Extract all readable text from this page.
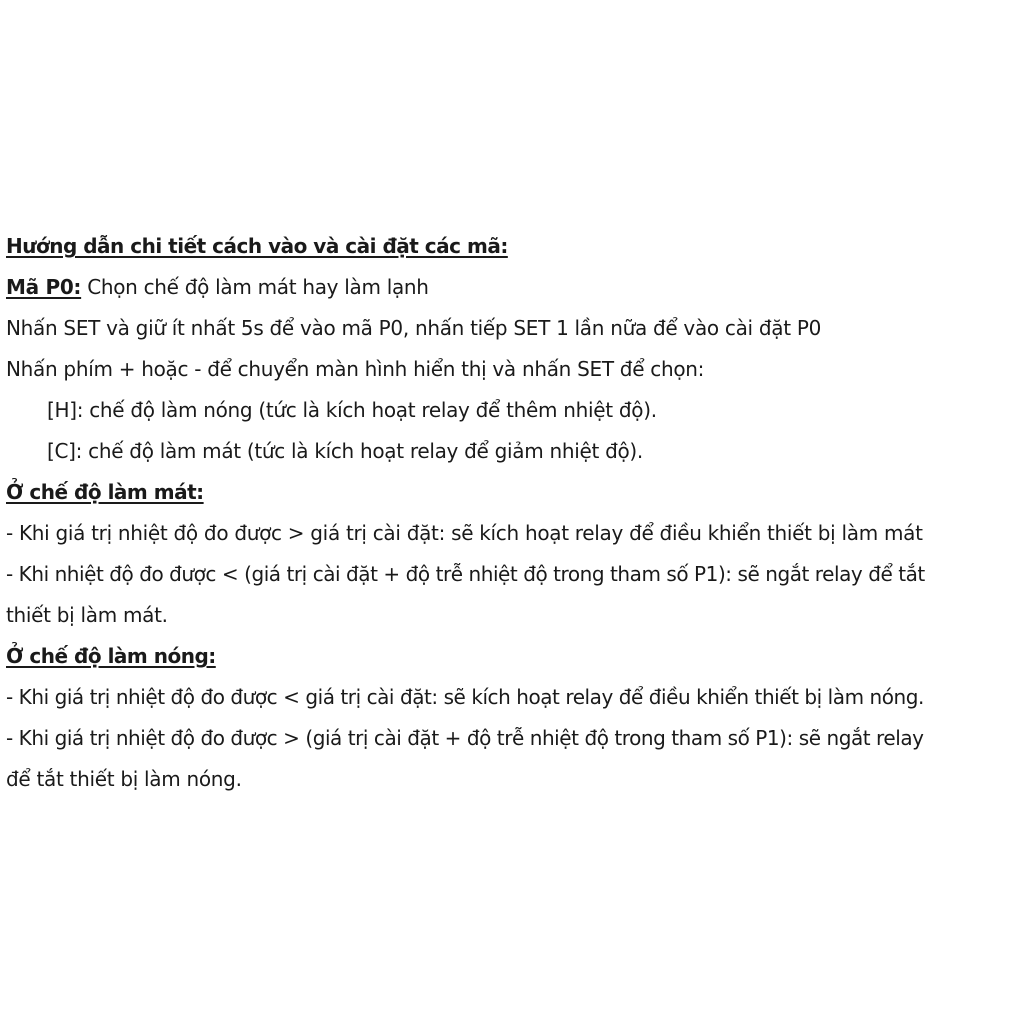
Hướng dẫn chi tiết cách vào và cài đặt các mã:
Mã P0: Chọn chế độ làm mát hay làm lạnh
Nhấn SET và giữ ít nhất 5s để vào mã P0, nhấn tiếp SET 1 lần nữa để vào cài đặt P0
Nhấn phím + hoặc - để chuyển màn hình hiển thị và nhấn SET để chọn:
[H]: chế độ làm nóng (tức là kích hoạt relay để thêm nhiệt độ).
[C]: chế độ làm mát (tức là kích hoạt relay để giảm nhiệt độ).
Ở chế độ làm mát:
- Khi giá trị nhiệt độ đo được > giá trị cài đặt: sẽ kích hoạt relay để điều khiển thiết bị làm mát
- Khi nhiệt độ đo được < (giá trị cài đặt + độ trễ nhiệt độ trong tham số P1): sẽ ngắt relay để tắt
thiết bị làm mát.
Ở chế độ làm nóng:
- Khi giá trị nhiệt độ đo được < giá trị cài đặt: sẽ kích hoạt relay để điều khiển thiết bị làm nóng.
- Khi giá trị nhiệt độ đo được > (giá trị cài đặt + độ trễ nhiệt độ trong tham số P1): sẽ ngắt relay
để tắt thiết bị làm nóng.
